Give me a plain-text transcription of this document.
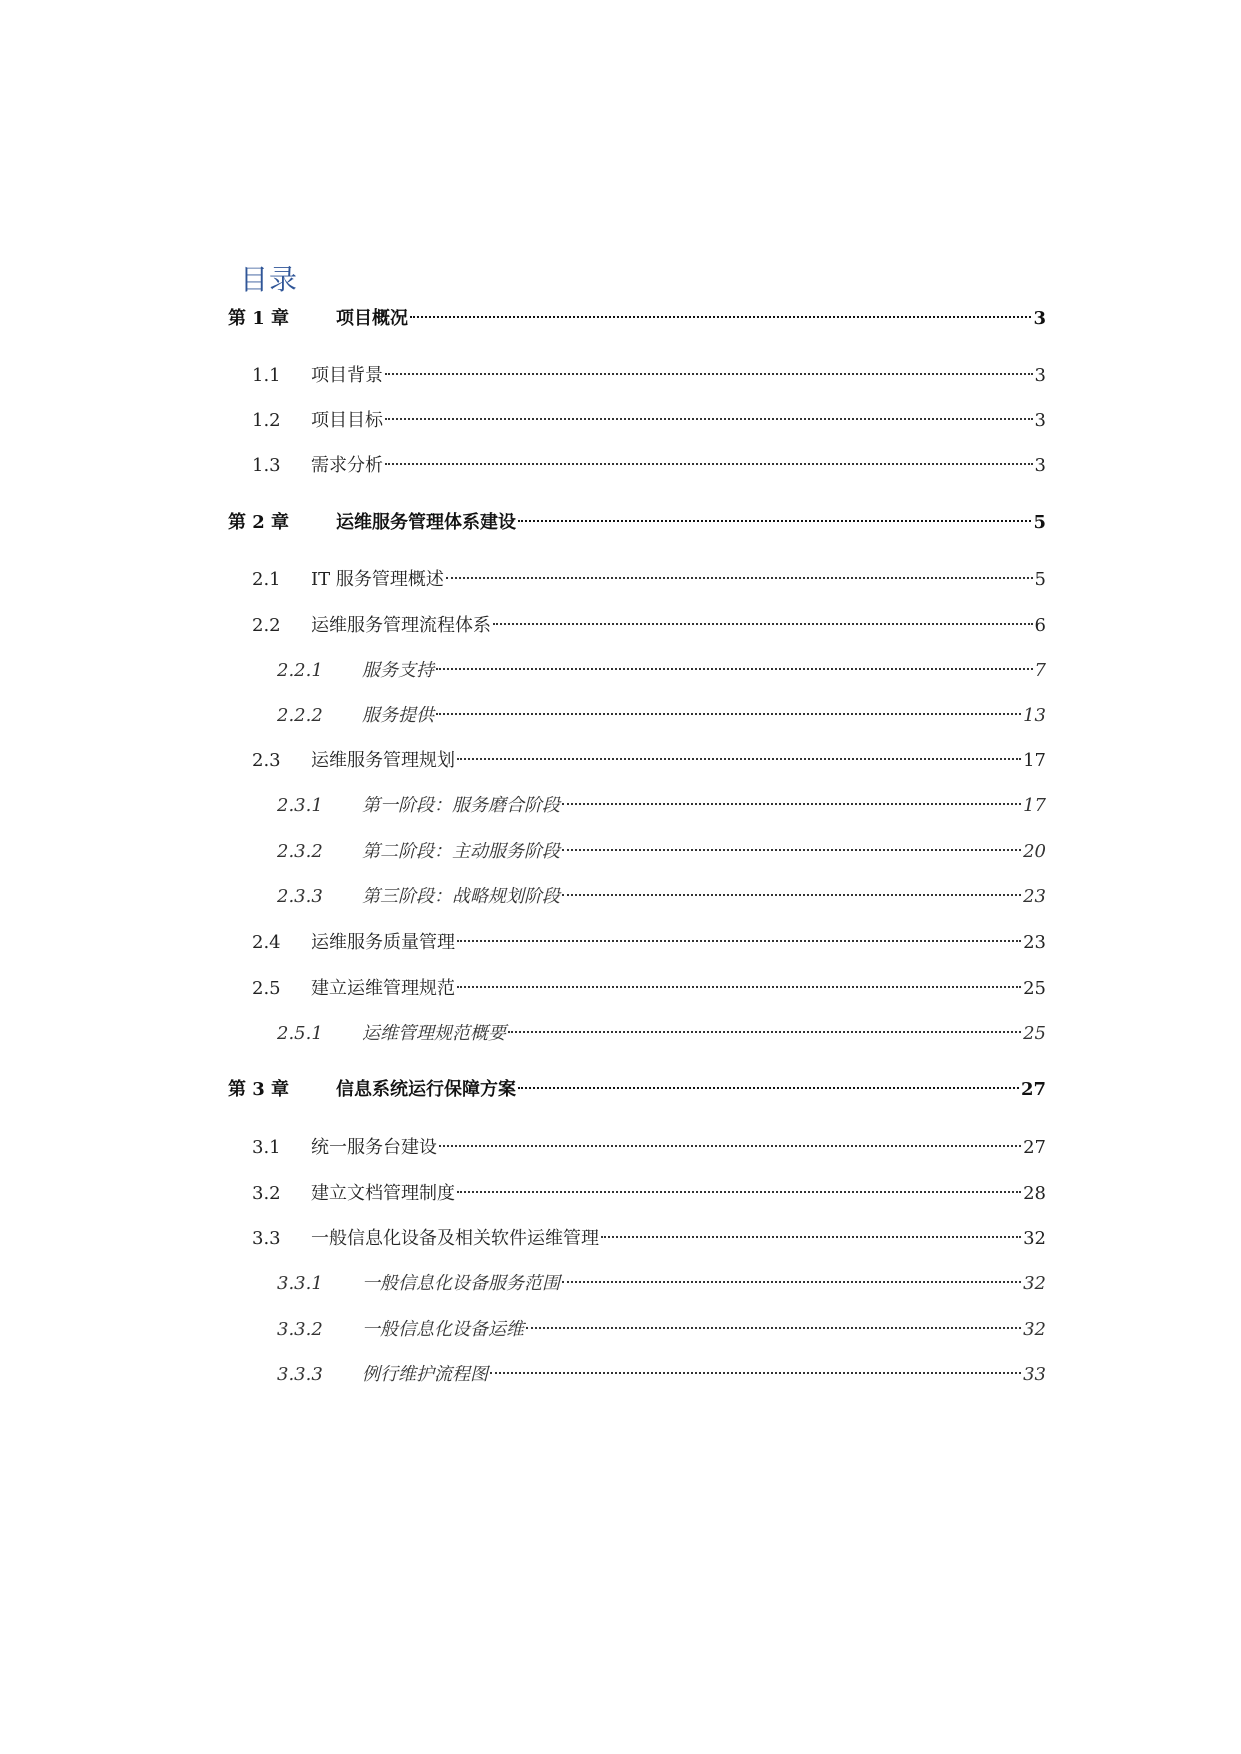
目录
第 1 章	项目概况	3
1.1 项目背景	3
1.2 项目目标	3
1.3 需求分析	3
第 2 章	运维服务管理体系建设	5
2.1 IT 服务管理概述	5
2.2 运维服务管理流程体系	6
2.2.1 服务支持	7
2.2.2 服务提供	13
2.3 运维服务管理规划	17
2.3.1 第一阶段：服务磨合阶段	17
2.3.2 第二阶段：主动服务阶段	20
2.3.3 第三阶段：战略规划阶段	23
2.4 运维服务质量管理	23
2.5 建立运维管理规范	25
2.5.1 运维管理规范概要	25
第 3 章	信息系统运行保障方案	27
3.1 统一服务台建设	27
3.2 建立文档管理制度	28
3.3 一般信息化设备及相关软件运维管理	32
3.3.1 一般信息化设备服务范围	32
3.3.2 一般信息化设备运维	32
3.3.3 例行维护流程图	33
